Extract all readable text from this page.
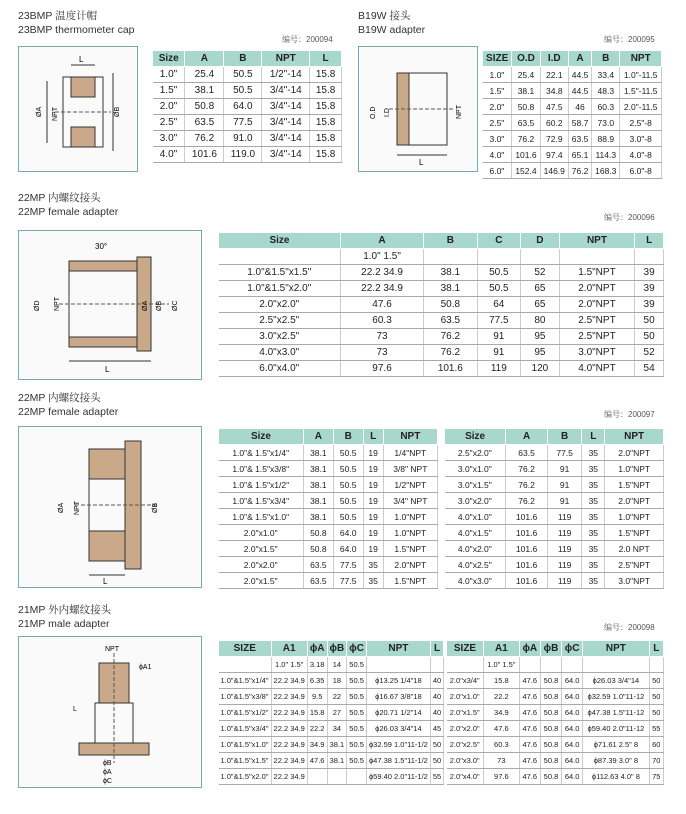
23BMP 温度计帽
23BMP thermometer cap
编号：200094
L
ØA NPT	ØB
Size	A	B	NPT	L
1.0"	25.4	50.5	1/2"-14	15.8
1.5"	38.1	50.5	3/4"-14	15.8
2.0"	50.8	64.0	3/4"-14	15.8
2.5"	63.5	77.5	3/4"-14	15.8
3.0"	76.2	91.0	3/4"-14	15.8
4.0"	101.6	119.0	3/4"-14	15.8
B19W 接头
B19W adapter
编号：200095
O.D I.D	NPT
L
SIZE	O.D	I.D	A	B	NPT
1.0"	25.4	22.1	44.5	33.4	1.0"-11.5
1.5"	38.1	34.8	44.5	48.3	1.5"-11.5
2.0"	50.8	47.5	46	60.3	2.0"-11.5
2.5"	63.5	60.2	58.7	73.0	2.5"-8
3.0"	76.2	72.9	63.5	88.9	3.0"-8
4.0"	101.6	97.4	65.1	114.3	4.0"-8
6.0"	152.4	146.9	76.2	168.3	6.0"-8
22MP 内螺纹接头
22MP female adapter	编号：200096
30°
ØD NPT	ØA ØB ØC
L
Size	A	B	C	D	NPT	L
	1.0" 1.5"					
1.0"&1.5"x1.5"	22.2 34.9	38.1	50.5	52	1.5"NPT	39
1.0"&1.5"x2.0"	22.2 34.9	38.1	50.5	65	2.0"NPT	39
2.0"x2.0"	47.6	50.8	64	65	2.0"NPT	39
2.5"x2.5"	60.3	63.5	77.5	80	2.5"NPT	50
3.0"x2.5"	73	76.2	91	95	2.5"NPT	50
4.0"x3.0"	73	76.2	91	95	3.0"NPT	52
6.0"x4.0"	97.6	101.6	119	120	4.0"NPT	54
22MP 内螺纹接头
22MP female adapter	编号：200097
ØA NPT	ØB
L
Size	A	B	L	NPT
1.0"& 1.5"x1/4"	38.1	50.5	19	1/4"NPT
1.0"& 1.5"x3/8"	38.1	50.5	19	3/8" NPT
1.0"& 1.5"x1/2"	38.1	50.5	19	1/2"NPT
1.0"& 1.5"x3/4"	38.1	50.5	19	3/4" NPT
1.0"& 1.5"x1.0"	38.1	50.5	19	1.0"NPT
2.0"x1.0"	50.8	64.0	19	1.0"NPT
2.0"x1.5"	50.8	64.0	19	1.5"NPT
2.0"x2.0"	63.5	77.5	35	2.0"NPT
2.0"x1.5"	63.5	77.5	35	1.5"NPT
Size	A	B	L	NPT
2.5"x2.0"	63.5	77.5	35	2.0"NPT
3.0"x1.0"	76.2	91	35	1.0"NPT
3.0"x1.5"	76.2	91	35	1.5"NPT
3.0"x2.0"	76.2	91	35	2.0"NPT
4.0"x1.0"	101.6	119	35	1.0"NPT
4.0"x1.5"	101.6	119	35	1.5"NPT
4.0"x2.0"	101.6	119	35	2.0 NPT
4.0"x2.5"	101.6	119	35	2.5"NPT
4.0"x3.0"	101.6	119	35	3.0"NPT
21MP 外内螺纹接头
21MP male adapter	编号：200098
NPT
ϕA1
L
ϕB
ϕA
ϕC
SIZE	A1	ϕA	ϕB	ϕC	NPT	L
	1.0" 1.5"	3.18	14	50.5		
1.0"&1.5"x1/4"	22.2 34.9	6.35	18	50.5	ϕ13.25 1/4"18	40
1.0"&1.5"x3/8"	22.2 34.9	9.5	22	50.5	ϕ16.67 3/8"18	40
1.0"&1.5"x1/2"	22.2 34.9	15.8	27	50.5	ϕ20.71 1/2"14	40
1.0"&1.5"x3/4"	22.2 34.9	22.2	34	50.5	ϕ26.03 3/4"14	45
1.0"&1.5"x1.0"	22.2 34.9	34.9	38.1	50.5	ϕ32.59 1.0"11-1/2	50
1.0"&1.5"x1.5"	22.2 34.9	47.6	38.1	50.5	ϕ47.38 1.5"11-1/2	50
1.0"&1.5"x2.0"	22.2 34.9				ϕ59.40 2.0"11-1/2	55
SIZE	A1	ϕA	ϕB	ϕC	NPT	L
	1.0" 1.5"					
2.0"x3/4"	15.8	47.6	50.8	64.0	ϕ26.03 3/4"14	50
2.0"x1.0"	22.2	47.6	50.8	64.0	ϕ32.59 1.0"11-12	50
2.0"x1.5"	34.9	47.6	50.8	64.0	ϕ47.38 1.5"11-12	50
2.0"x2.0"	47.6	47.6	50.8	64.0	ϕ59.40 2.0"11-12	55
2.0"x2.5"	60.3	47.6	50.8	64.0	ϕ71.61 2.5" 8	60
2.0"x3.0"	73	47.6	50.8	64.0	ϕ87.39 3.0" 8	70
2.0"x4.0"	97.6	47.6	50.8	64.0	ϕ112.63 4.0" 8	75
